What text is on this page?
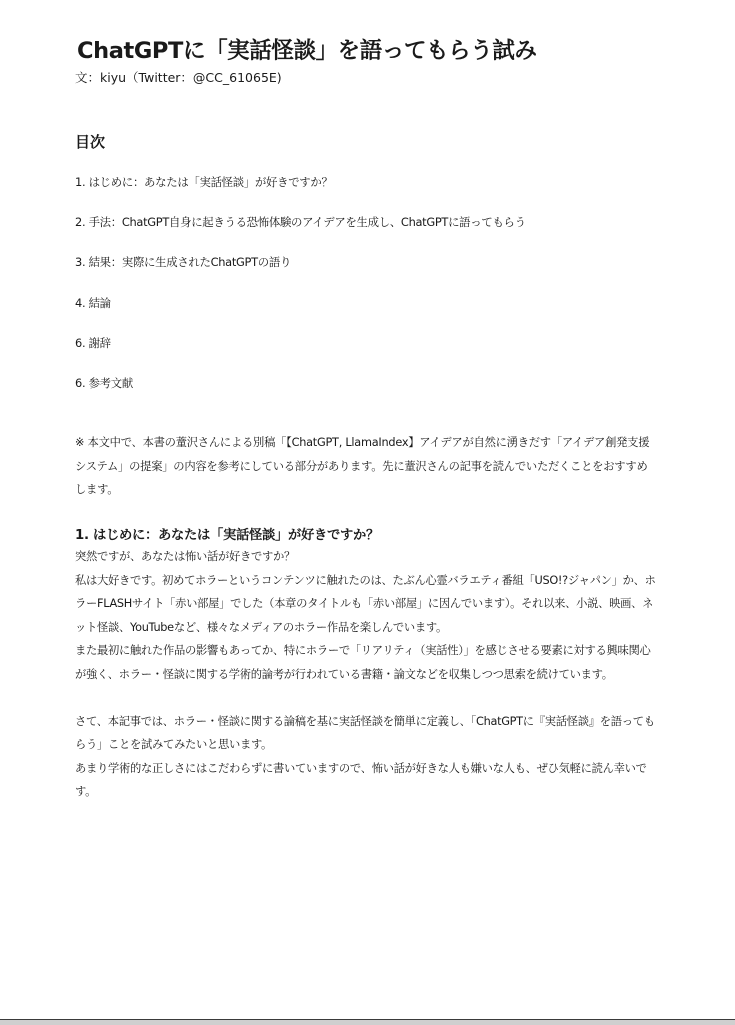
ChatGPTに「実話怪談」を語ってもらう試み
文：kiyu（Twitter：@CC_61065E)
目次
1. はじめに：あなたは「実話怪談」が好きですか？
2. 手法：ChatGPT自身に起きうる恐怖体験のアイデアを生成し、ChatGPTに語ってもらう
3. 結果：実際に生成されたChatGPTの語り
4. 結論
6. 謝辞
6. 参考文献

※ 本文中で、本書の蕫沢さんによる別稿「【ChatGPT, LlamaIndex】アイデアが自然に湧きだす「アイデア創発支援システム」の提案」の内容を参考にしている部分があります。先に蕫沢さんの記事を読んでいただくことをおすすめします。

1. はじめに：あなたは「実話怪談」が好きですか？

突然ですが、あなたは怖い話が好きですか？

私は大好きです。初めてホラーというコンテンツに触れたのは、たぶん心霊バラエティ番組「USO!?ジャパン」か、ホラーFLASHサイト「赤い部屋」でした（本章のタイトルも「赤い部屋」に因んでいます）。それ以来、小説、映画、ネット怪談、YouTubeなど、様々なメディアのホラー作品を楽しんでいます。

また最初に触れた作品の影響もあってか、特にホラーで「リアリティ（実話性）」を感じさせる要素に対する興味関心が強く、ホラー・怪談に関する学術的論考が行われている書籍・論文などを収集しつつ思索を続けています。

さて、本記事では、ホラー・怪談に関する論稿を基に実話怪談を簡単に定義し、「ChatGPTに『実話怪談』を語ってもらう」ことを試みてみたいと思います。

あまり学術的な正しさにはこだわらずに書いていますので、怖い話が好きな人も嫌いな人も、ぜひ気軽に読ん幸いです。
